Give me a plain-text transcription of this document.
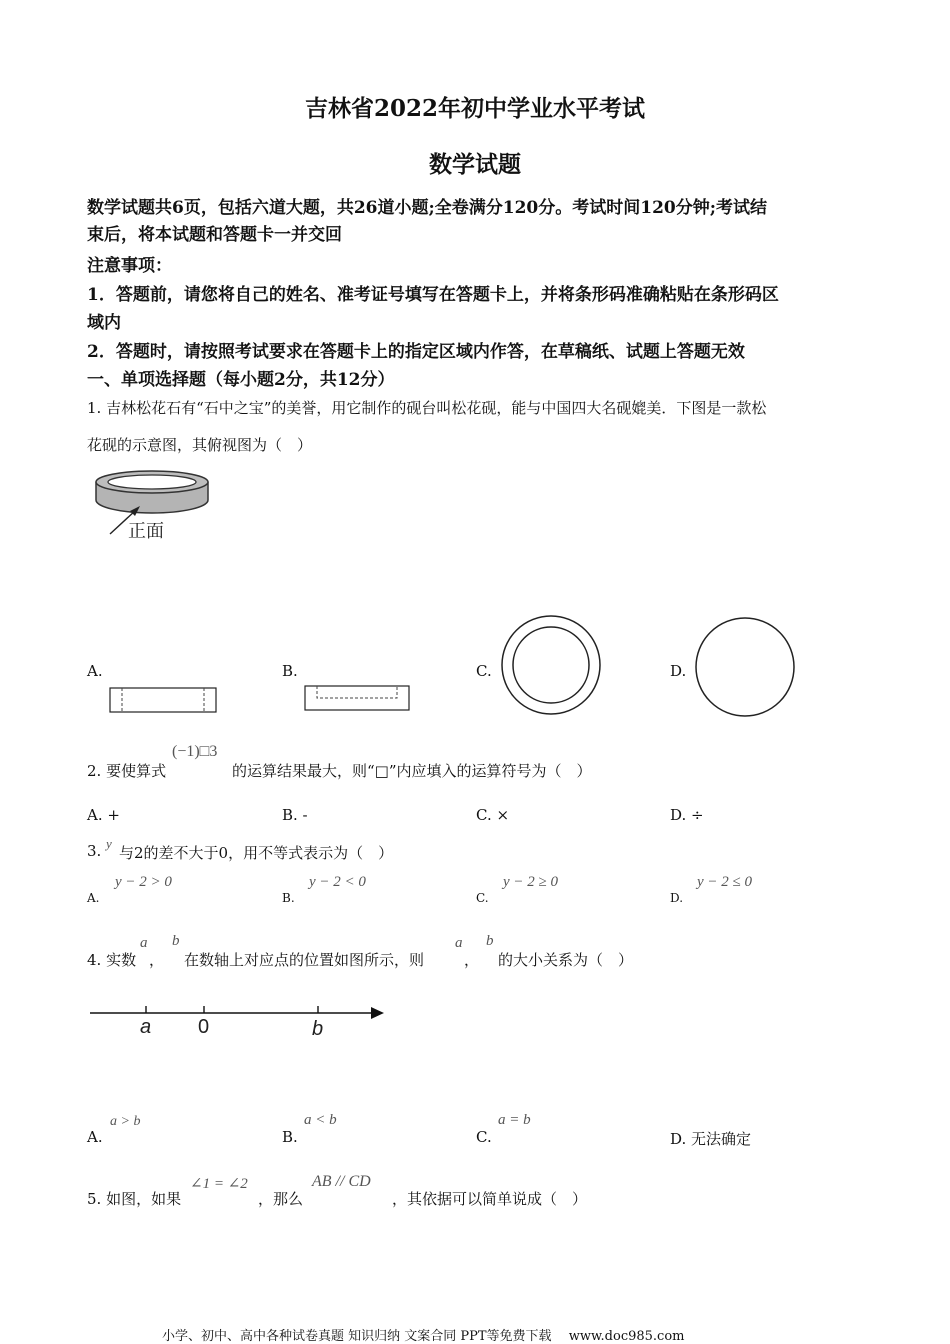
吉林省2022年初中学业水平考试
数学试题
数学试题共6页，包括六道大题，共26道小题;全卷满分120分。考试时间120分钟;考试结
束后，将本试题和答题卡一并交回
注意事项：
1．答题前，请您将自己的姓名、准考证号填写在答题卡上，并将条形码准确粘贴在条形码区
域内
2．答题时，请按照考试要求在答题卡上的指定区域内作答，在草稿纸、试题上答题无效
一、单项选择题（每小题2分，共12分）
1. 吉林松花石有“石中之宝”的美誉，用它制作的砚台叫松花砚，能与中国四大名砚媲美．下图是一款松
花砚的示意图，其俯视图为（　）
正面
A.	B.	C.	D.
2. 要使算式
(−1)□3
的运算结果最大，则“□”内应填入的运算符号为（　）
A. +	B. -	C. ×	D. ÷
3. y
与2的差不大于0，用不等式表示为（　）
A.
y − 2 > 0
B.
y − 2 < 0
C.
y − 2 ≥ 0
D.
y − 2 ≤ 0
4. 实数
a
，
b
在数轴上对应点的位置如图所示，则
a
，
b
的大小关系为（　）
a 0	b
A.
a > b
B.
a < b
C.
a = b
D. 无法确定
5. 如图，如果
∠1 = ∠2
，那么
AB // CD
，其依据可以简单说成（　）
小学、初中、高中各种试卷真题 知识归纳 文案合同 PPT等免费下载　 www.doc985.com
